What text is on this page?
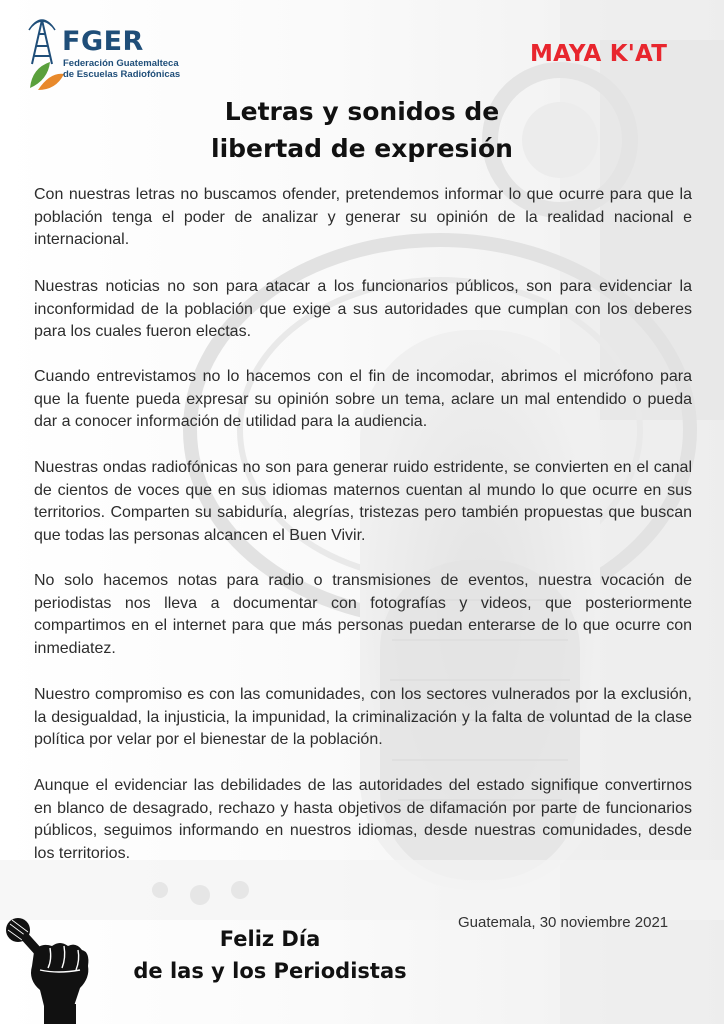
FGER
Federación Guatemalteca
de Escuelas Radiofónicas
MAYA K'AT
Letras y sonidos de
libertad de expresión

Con nuestras letras no buscamos ofender, pretendemos informar lo que ocurre para que la población tenga el poder de analizar y generar su opinión de la realidad nacional e internacional.

Nuestras noticias no son para atacar a los funcionarios públicos, son para evidenciar la inconformidad de la población que exige a sus autoridades que cumplan con los deberes para los cuales fueron electas.

Cuando entrevistamos no lo hacemos con el fin de incomodar, abrimos el micrófono para que la fuente pueda expresar su opinión sobre un tema, aclare un mal entendido o pueda dar a conocer información de utilidad para la audiencia.

Nuestras ondas radiofónicas no son para generar ruido estridente, se convierten en el canal de cientos de voces que en sus idiomas maternos cuentan al mundo lo que ocurre en sus territorios. Comparten su sabiduría, alegrías, tristezas pero también propuestas que buscan que todas las personas alcancen el Buen Vivir.

No solo hacemos notas para radio o transmisiones de eventos, nuestra vocación de periodistas nos lleva a documentar con fotografías y videos, que posteriormente compartimos en el internet para que más personas puedan enterarse de lo que ocurre con inmediatez.

Nuestro compromiso es con las comunidades, con los sectores vulnerados por la exclusión, la desigualdad, la injusticia, la impunidad, la criminalización y la falta de voluntad de la clase política por velar por el bienestar de la población.

Aunque el evidenciar las debilidades de las autoridades del estado signifique convertirnos en blanco de desagrado, rechazo y hasta objetivos de difamación por parte de funcionarios públicos, seguimos informando en nuestros idiomas, desde nuestras comunidades, desde los territorios.

Guatemala, 30 noviembre 2021
Feliz Día
de las y los Periodistas
